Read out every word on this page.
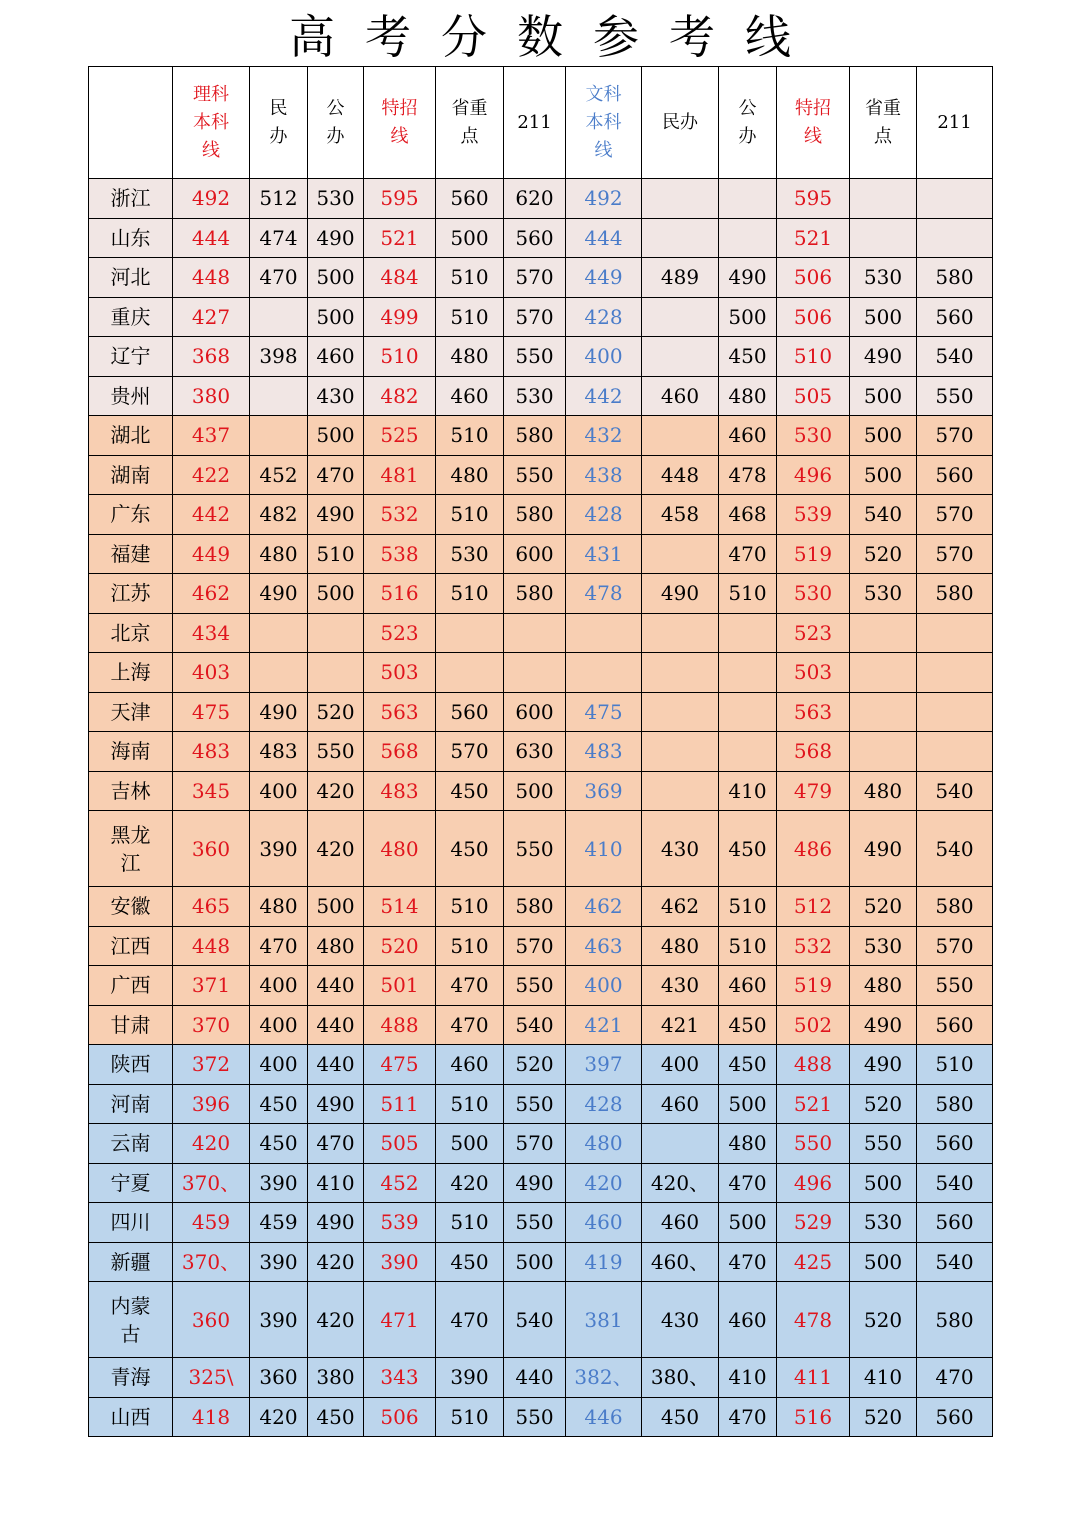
高考分数参考线
	理科本科线	民办	公办	特招线	省重点	211	文科本科线	民办	公办	特招线	省重点	211
浙江	492	512	530	595	560	620	492			595		
山东	444	474	490	521	500	560	444			521		
河北	448	470	500	484	510	570	449	489	490	506	530	580
重庆	427		500	499	510	570	428		500	506	500	560
辽宁	368	398	460	510	480	550	400		450	510	490	540
贵州	380		430	482	460	530	442	460	480	505	500	550
湖北	437		500	525	510	580	432		460	530	500	570
湖南	422	452	470	481	480	550	438	448	478	496	500	560
广东	442	482	490	532	510	580	428	458	468	539	540	570
福建	449	480	510	538	530	600	431		470	519	520	570
江苏	462	490	500	516	510	580	478	490	510	530	530	580
北京	434			523						523		
上海	403			503						503		
天津	475	490	520	563	560	600	475			563		
海南	483	483	550	568	570	630	483			568		
吉林	345	400	420	483	450	500	369		410	479	480	540
黑龙江	360	390	420	480	450	550	410	430	450	486	490	540
安徽	465	480	500	514	510	580	462	462	510	512	520	580
江西	448	470	480	520	510	570	463	480	510	532	530	570
广西	371	400	440	501	470	550	400	430	460	519	480	550
甘肃	370	400	440	488	470	540	421	421	450	502	490	560
陕西	372	400	440	475	460	520	397	400	450	488	490	510
河南	396	450	490	511	510	550	428	460	500	521	520	580
云南	420	450	470	505	500	570	480		480	550	550	560
宁夏	370、	390	410	452	420	490	420	420、	470	496	500	540
四川	459	459	490	539	510	550	460	460	500	529	530	560
新疆	370、	390	420	390	450	500	419	460、	470	425	500	540
内蒙古	360	390	420	471	470	540	381	430	460	478	520	580
青海	325\	360	380	343	390	440	382、	380、	410	411	410	470
山西	418	420	450	506	510	550	446	450	470	516	520	560
